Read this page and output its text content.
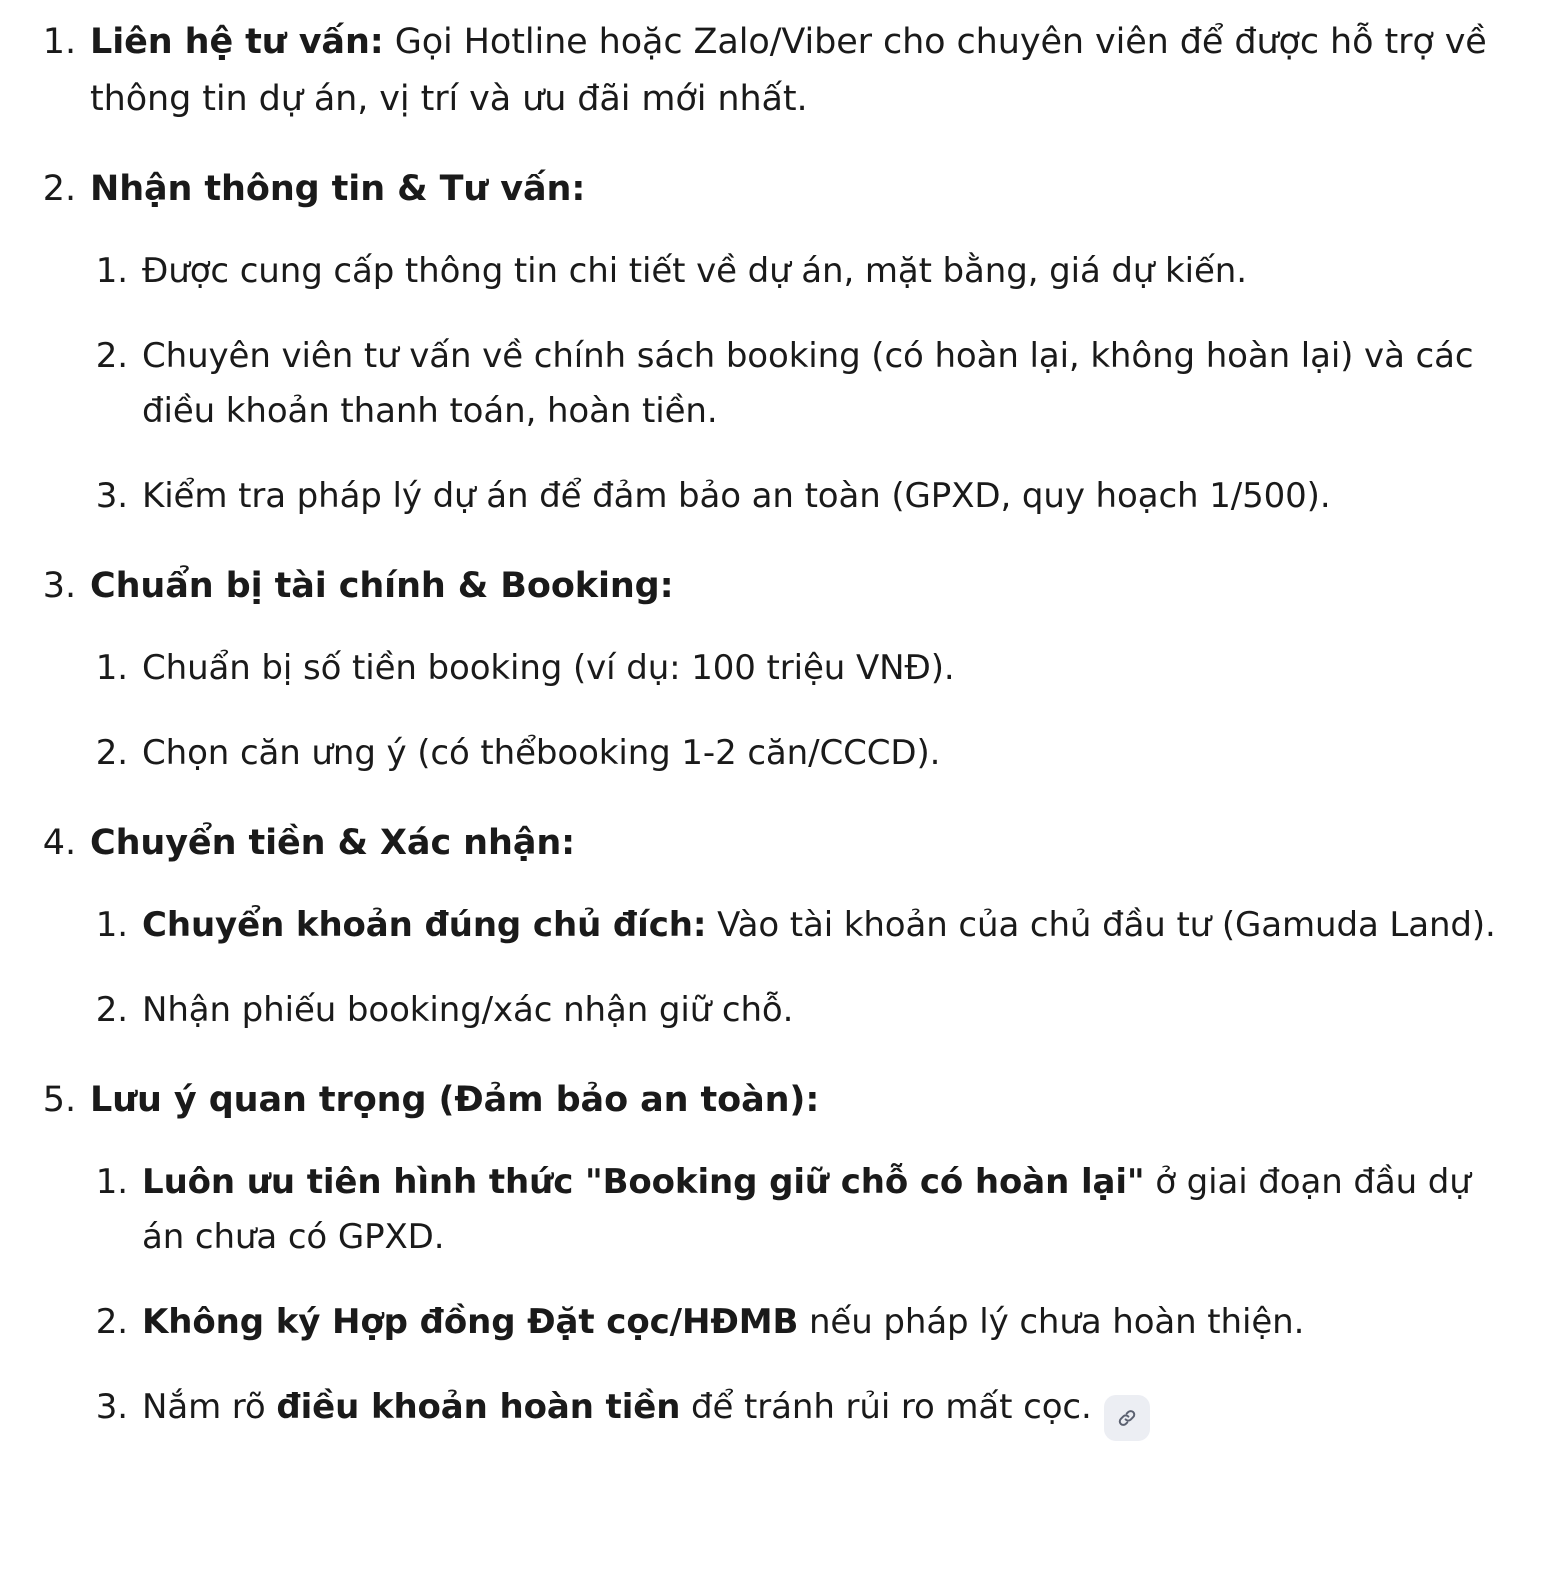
1. Liên hệ tư vấn: Gọi Hotline hoặc Zalo/Viber cho chuyên viên để được hỗ trợ về thông tin dự án, vị trí và ưu đãi mới nhất.
2. Nhận thông tin & Tư vấn:
1. Được cung cấp thông tin chi tiết về dự án, mặt bằng, giá dự kiến.
2. Chuyên viên tư vấn về chính sách booking (có hoàn lại, không hoàn lại) và các điều khoản thanh toán, hoàn tiền.
3. Kiểm tra pháp lý dự án để đảm bảo an toàn (GPXD, quy hoạch 1/500).
3. Chuẩn bị tài chính & Booking:
1. Chuẩn bị số tiền booking (ví dụ: 100 triệu VNĐ).
2. Chọn căn ưng ý (có thểbooking 1-2 căn/CCCD).
4. Chuyển tiền & Xác nhận:
1. Chuyển khoản đúng chủ đích: Vào tài khoản của chủ đầu tư (Gamuda Land).
2. Nhận phiếu booking/xác nhận giữ chỗ.
5. Lưu ý quan trọng (Đảm bảo an toàn):
1. Luôn ưu tiên hình thức "Booking giữ chỗ có hoàn lại" ở giai đoạn đầu dự án chưa có GPXD.
2. Không ký Hợp đồng Đặt cọc/HĐMB nếu pháp lý chưa hoàn thiện.
3. Nắm rõ điều khoản hoàn tiền để tránh rủi ro mất cọc.
